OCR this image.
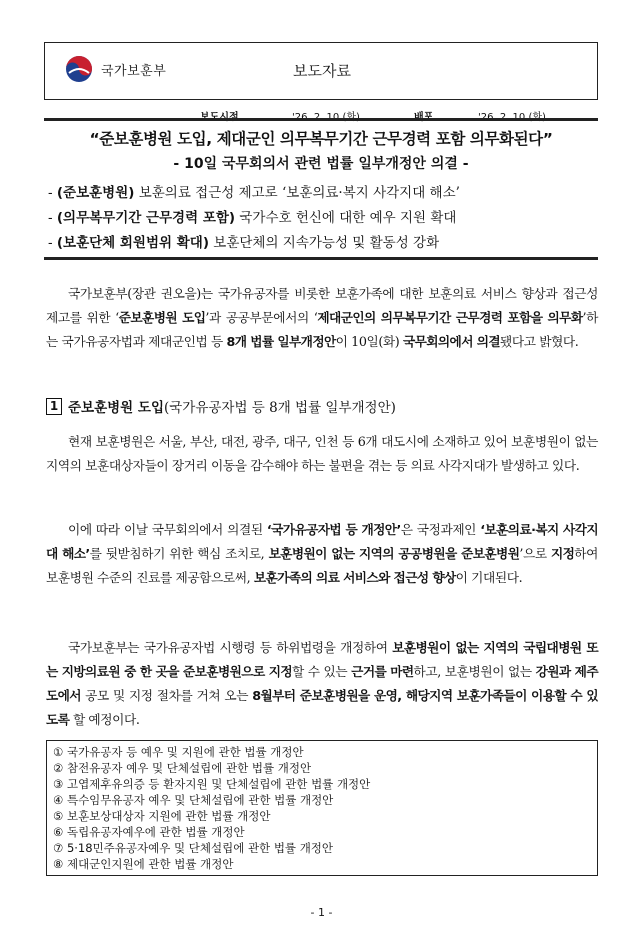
국가보훈부	보도자료
보도시점	'26. 2. 10.(화)	배포	'26. 2. 10.(화)
“준보훈병원 도입, 제대군인 의무복무기간 근무경력 포함 의무화된다”
- 10일 국무회의서 관련 법률 일부개정안 의결 -
- (준보훈병원) 보훈의료 접근성 제고로 ‘보훈의료·복지 사각지대 해소’
- (의무복무기간 근무경력 포함) 국가수호 헌신에 대한 예우 지원 확대
- (보훈단체 회원범위 확대) 보훈단체의 지속가능성 및 활동성 강화

국가보훈부(장관 권오을)는 국가유공자를 비롯한 보훈가족에 대한 보훈의료 서비스 향상과 접근성 제고를 위한 ‘준보훈병원 도입’과 공공부문에서의 ‘제대군인의 의무복무기간 근무경력 포함을 의무화’하는 국가유공자법과 제대군인법 등 8개 법률 일부개정안이 10일(화) 국무회의에서 의결됐다고 밝혔다.

1 준보훈병원 도입 (국가유공자법 등 8개 법률 일부개정안)

현재 보훈병원은 서울, 부산, 대전, 광주, 대구, 인천 등 6개 대도시에 소재하고 있어 보훈병원이 없는 지역의 보훈대상자들이 장거리 이동을 감수해야 하는 불편을 겪는 등 의료 사각지대가 발생하고 있다.

이에 따라 이날 국무회의에서 의결된 ‘국가유공자법 등 개정안’은 국정과제인 ‘보훈의료·복지 사각지대 해소’를 뒷받침하기 위한 핵심 조치로, 보훈병원이 없는 지역의 공공병원을 준보훈병원’으로 지정하여 보훈병원 수준의 진료를 제공함으로써, 보훈가족의 의료 서비스와 접근성 향상이 기대된다.

국가보훈부는 국가유공자법 시행령 등 하위법령을 개정하여 보훈병원이 없는 지역의 국립대병원 또는 지방의료원 중 한 곳을 준보훈병원으로 지정할 수 있는 근거를 마련하고, 보훈병원이 없는 강원과 제주도에서 공모 및 지정 절차를 거쳐 오는 8월부터 준보훈병원을 운영, 해당지역 보훈가족들이 이용할 수 있도록 할 예정이다.

① 국가유공자 등 예우 및 지원에 관한 법률 개정안
② 참전유공자 예우 및 단체설립에 관한 법률 개정안
③ 고엽제후유의증 등 환자지원 및 단체설립에 관한 법률 개정안
④ 특수임무유공자 예우 및 단체설립에 관한 법률 개정안
⑤ 보훈보상대상자 지원에 관한 법률 개정안
⑥ 독립유공자예우에 관한 법률 개정안
⑦ 5·18민주유공자예우 및 단체설립에 관한 법률 개정안
⑧ 제대군인지원에 관한 법률 개정안
- 1 -
